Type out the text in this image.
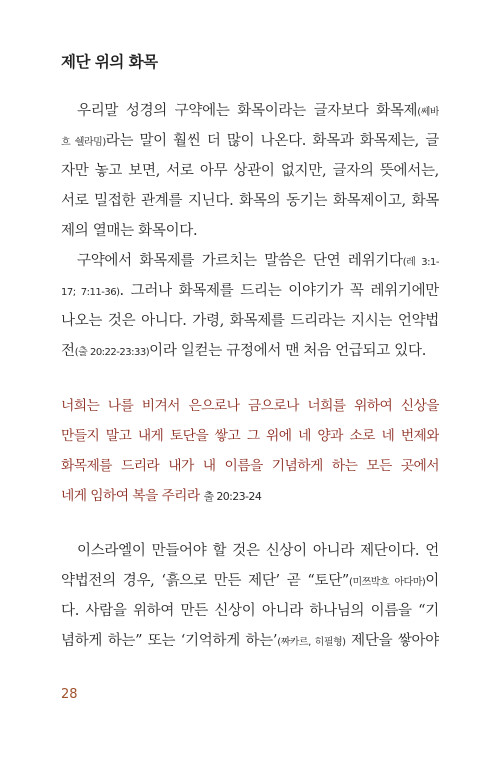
제단 위의 화목
우리말 성경의 구약에는 화목이라는 글자보다 화목제(쎄바
흐 쉘라밈)라는 말이 훨씬 더 많이 나온다. 화목과 화목제는, 글
자만 놓고 보면, 서로 아무 상관이 없지만, 글자의 뜻에서는,
서로 밀접한 관계를 지닌다. 화목의 동기는 화목제이고, 화목
제의 열매는 화목이다.
구약에서 화목제를 가르치는 말씀은 단연 레위기다(레 3:1-
17; 7:11-36). 그러나 화목제를 드리는 이야기가 꼭 레위기에만
나오는 것은 아니다. 가령, 화목제를 드리라는 지시는 언약법
전(출 20:22-23:33)이라 일컫는 규정에서 맨 처음 언급되고 있다.
너희는 나를 비겨서 은으로나 금으로나 너희를 위하여 신상을
만들지 말고 내게 토단을 쌓고 그 위에 네 양과 소로 네 번제와
화목제를 드리라 내가 내 이름을 기념하게 하는 모든 곳에서
네게 임하여 복을 주리라 출 20:23-24
이스라엘이 만들어야 할 것은 신상이 아니라 제단이다. 언
약법전의 경우, ‘흙으로 만든 제단’ 곧 “토단”(미쯔박흐 아다마)이
다. 사람을 위하여 만든 신상이 아니라 하나님의 이름을 “기
념하게 하는” 또는 ‘기억하게 하는’(짜카르, 히필형) 제단을 쌓아야
28
